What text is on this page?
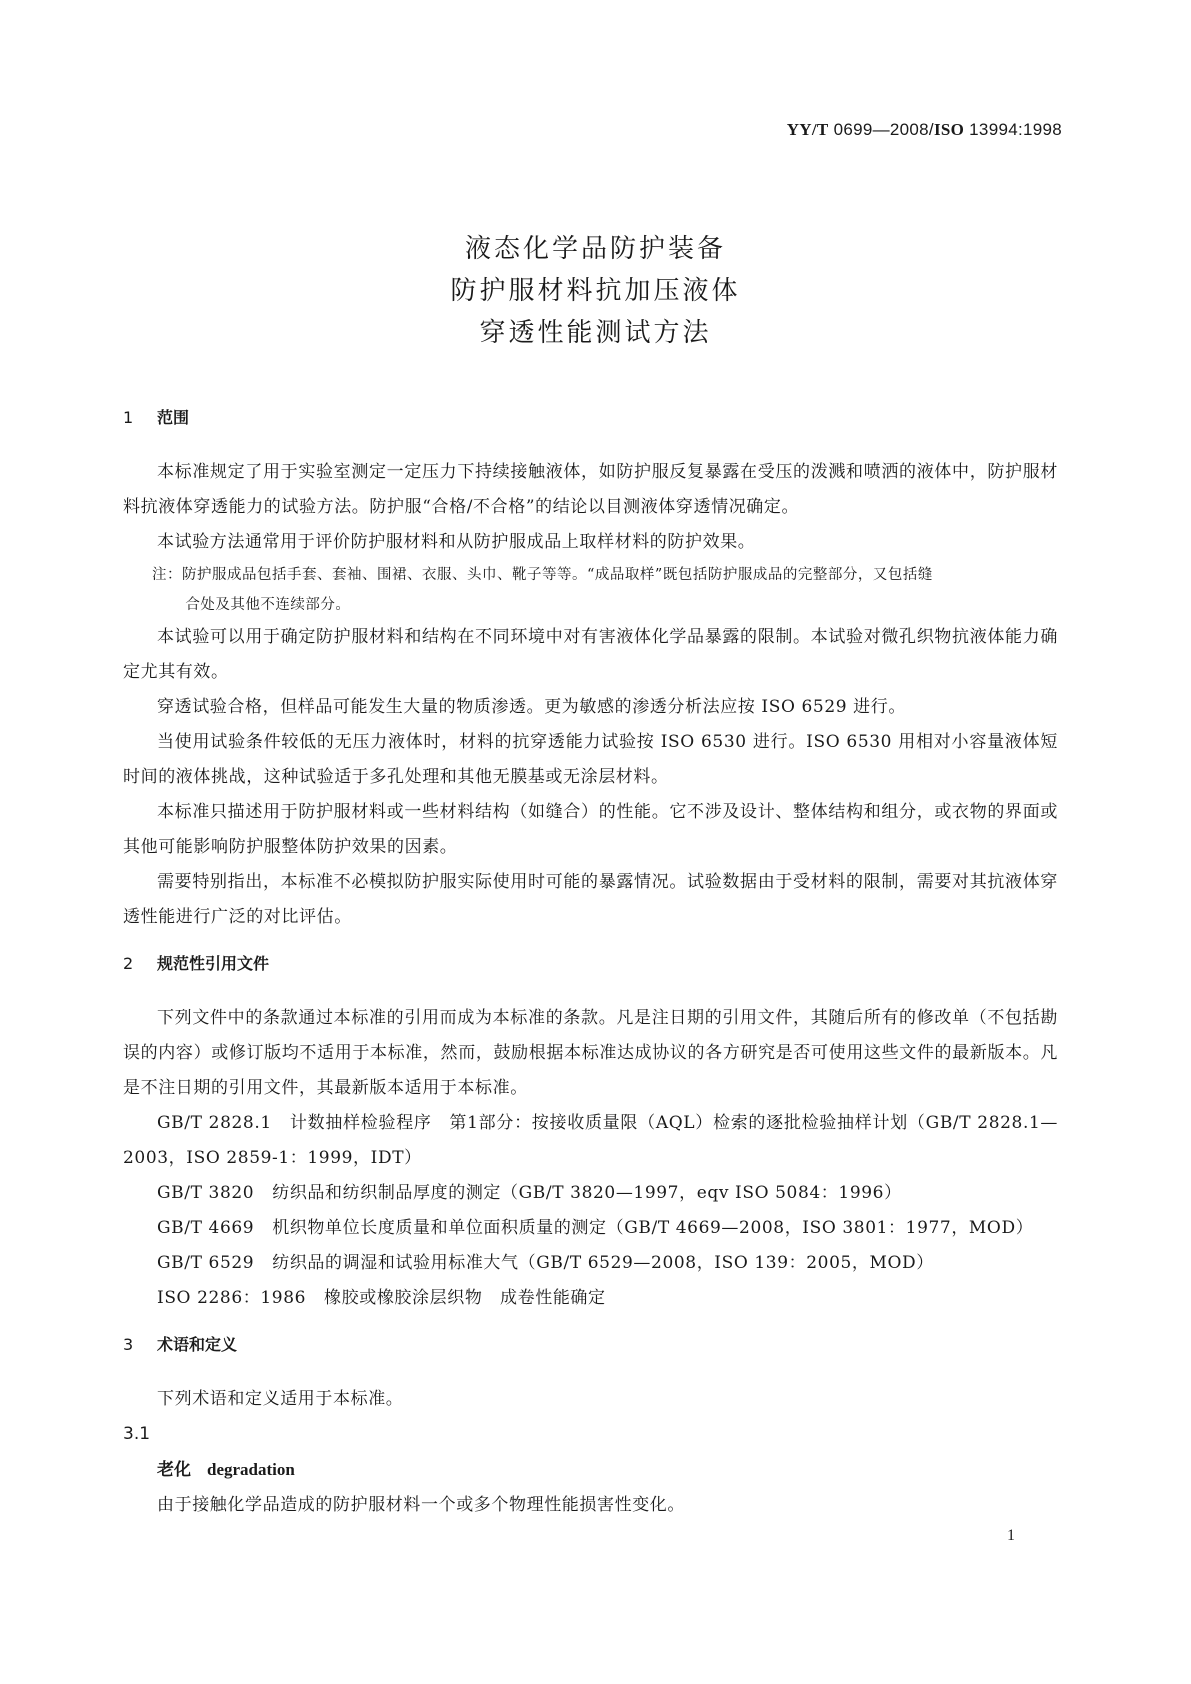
YY/T 0699—2008/ISO 13994:1998
液态化学品防护装备
防护服材料抗加压液体
穿透性能测试方法
1 范围

本标准规定了用于实验室测定一定压力下持续接触液体，如防护服反复暴露在受压的泼溅和喷洒的液体中，防护服材料抗液体穿透能力的试验方法。防护服“合格/不合格”的结论以目测液体穿透情况确定。

本试验方法通常用于评价防护服材料和从防护服成品上取样材料的防护效果。

注：防护服成品包括手套、套袖、围裙、衣服、头巾、靴子等等。“成品取样”既包括防护服成品的完整部分，又包括缝

合处及其他不连续部分。

本试验可以用于确定防护服材料和结构在不同环境中对有害液体化学品暴露的限制。本试验对微孔织物抗液体能力确定尤其有效。

穿透试验合格，但样品可能发生大量的物质渗透。更为敏感的渗透分析法应按 ISO 6529 进行。

当使用试验条件较低的无压力液体时，材料的抗穿透能力试验按 ISO 6530 进行。ISO 6530 用相对小容量液体短时间的液体挑战，这种试验适于多孔处理和其他无膜基或无涂层材料。

本标准只描述用于防护服材料或一些材料结构（如缝合）的性能。它不涉及设计、整体结构和组分，或衣物的界面或其他可能影响防护服整体防护效果的因素。

需要特别指出，本标准不必模拟防护服实际使用时可能的暴露情况。试验数据由于受材料的限制，需要对其抗液体穿透性能进行广泛的对比评估。

2 规范性引用文件

下列文件中的条款通过本标准的引用而成为本标准的条款。凡是注日期的引用文件，其随后所有的修改单（不包括勘误的内容）或修订版均不适用于本标准，然而，鼓励根据本标准达成协议的各方研究是否可使用这些文件的最新版本。凡是不注日期的引用文件，其最新版本适用于本标准。

GB/T 2828.1 计数抽样检验程序　第1部分：按接收质量限（AQL）检索的逐批检验抽样计划（GB/T 2828.1—2003，ISO 2859-1：1999，IDT）

GB/T 3820 纺织品和纺织制品厚度的测定（GB/T 3820—1997，eqv ISO 5084：1996）

GB/T 4669 机织物单位长度质量和单位面积质量的测定（GB/T 4669—2008，ISO 3801：1977，MOD）

GB/T 6529 纺织品的调湿和试验用标准大气（GB/T 6529—2008，ISO 139：2005，MOD）

ISO 2286：1986 橡胶或橡胶涂层织物　成卷性能确定

3 术语和定义

下列术语和定义适用于本标准。

3.1

老化 degradation

由于接触化学品造成的防护服材料一个或多个物理性能损害性变化。

1
